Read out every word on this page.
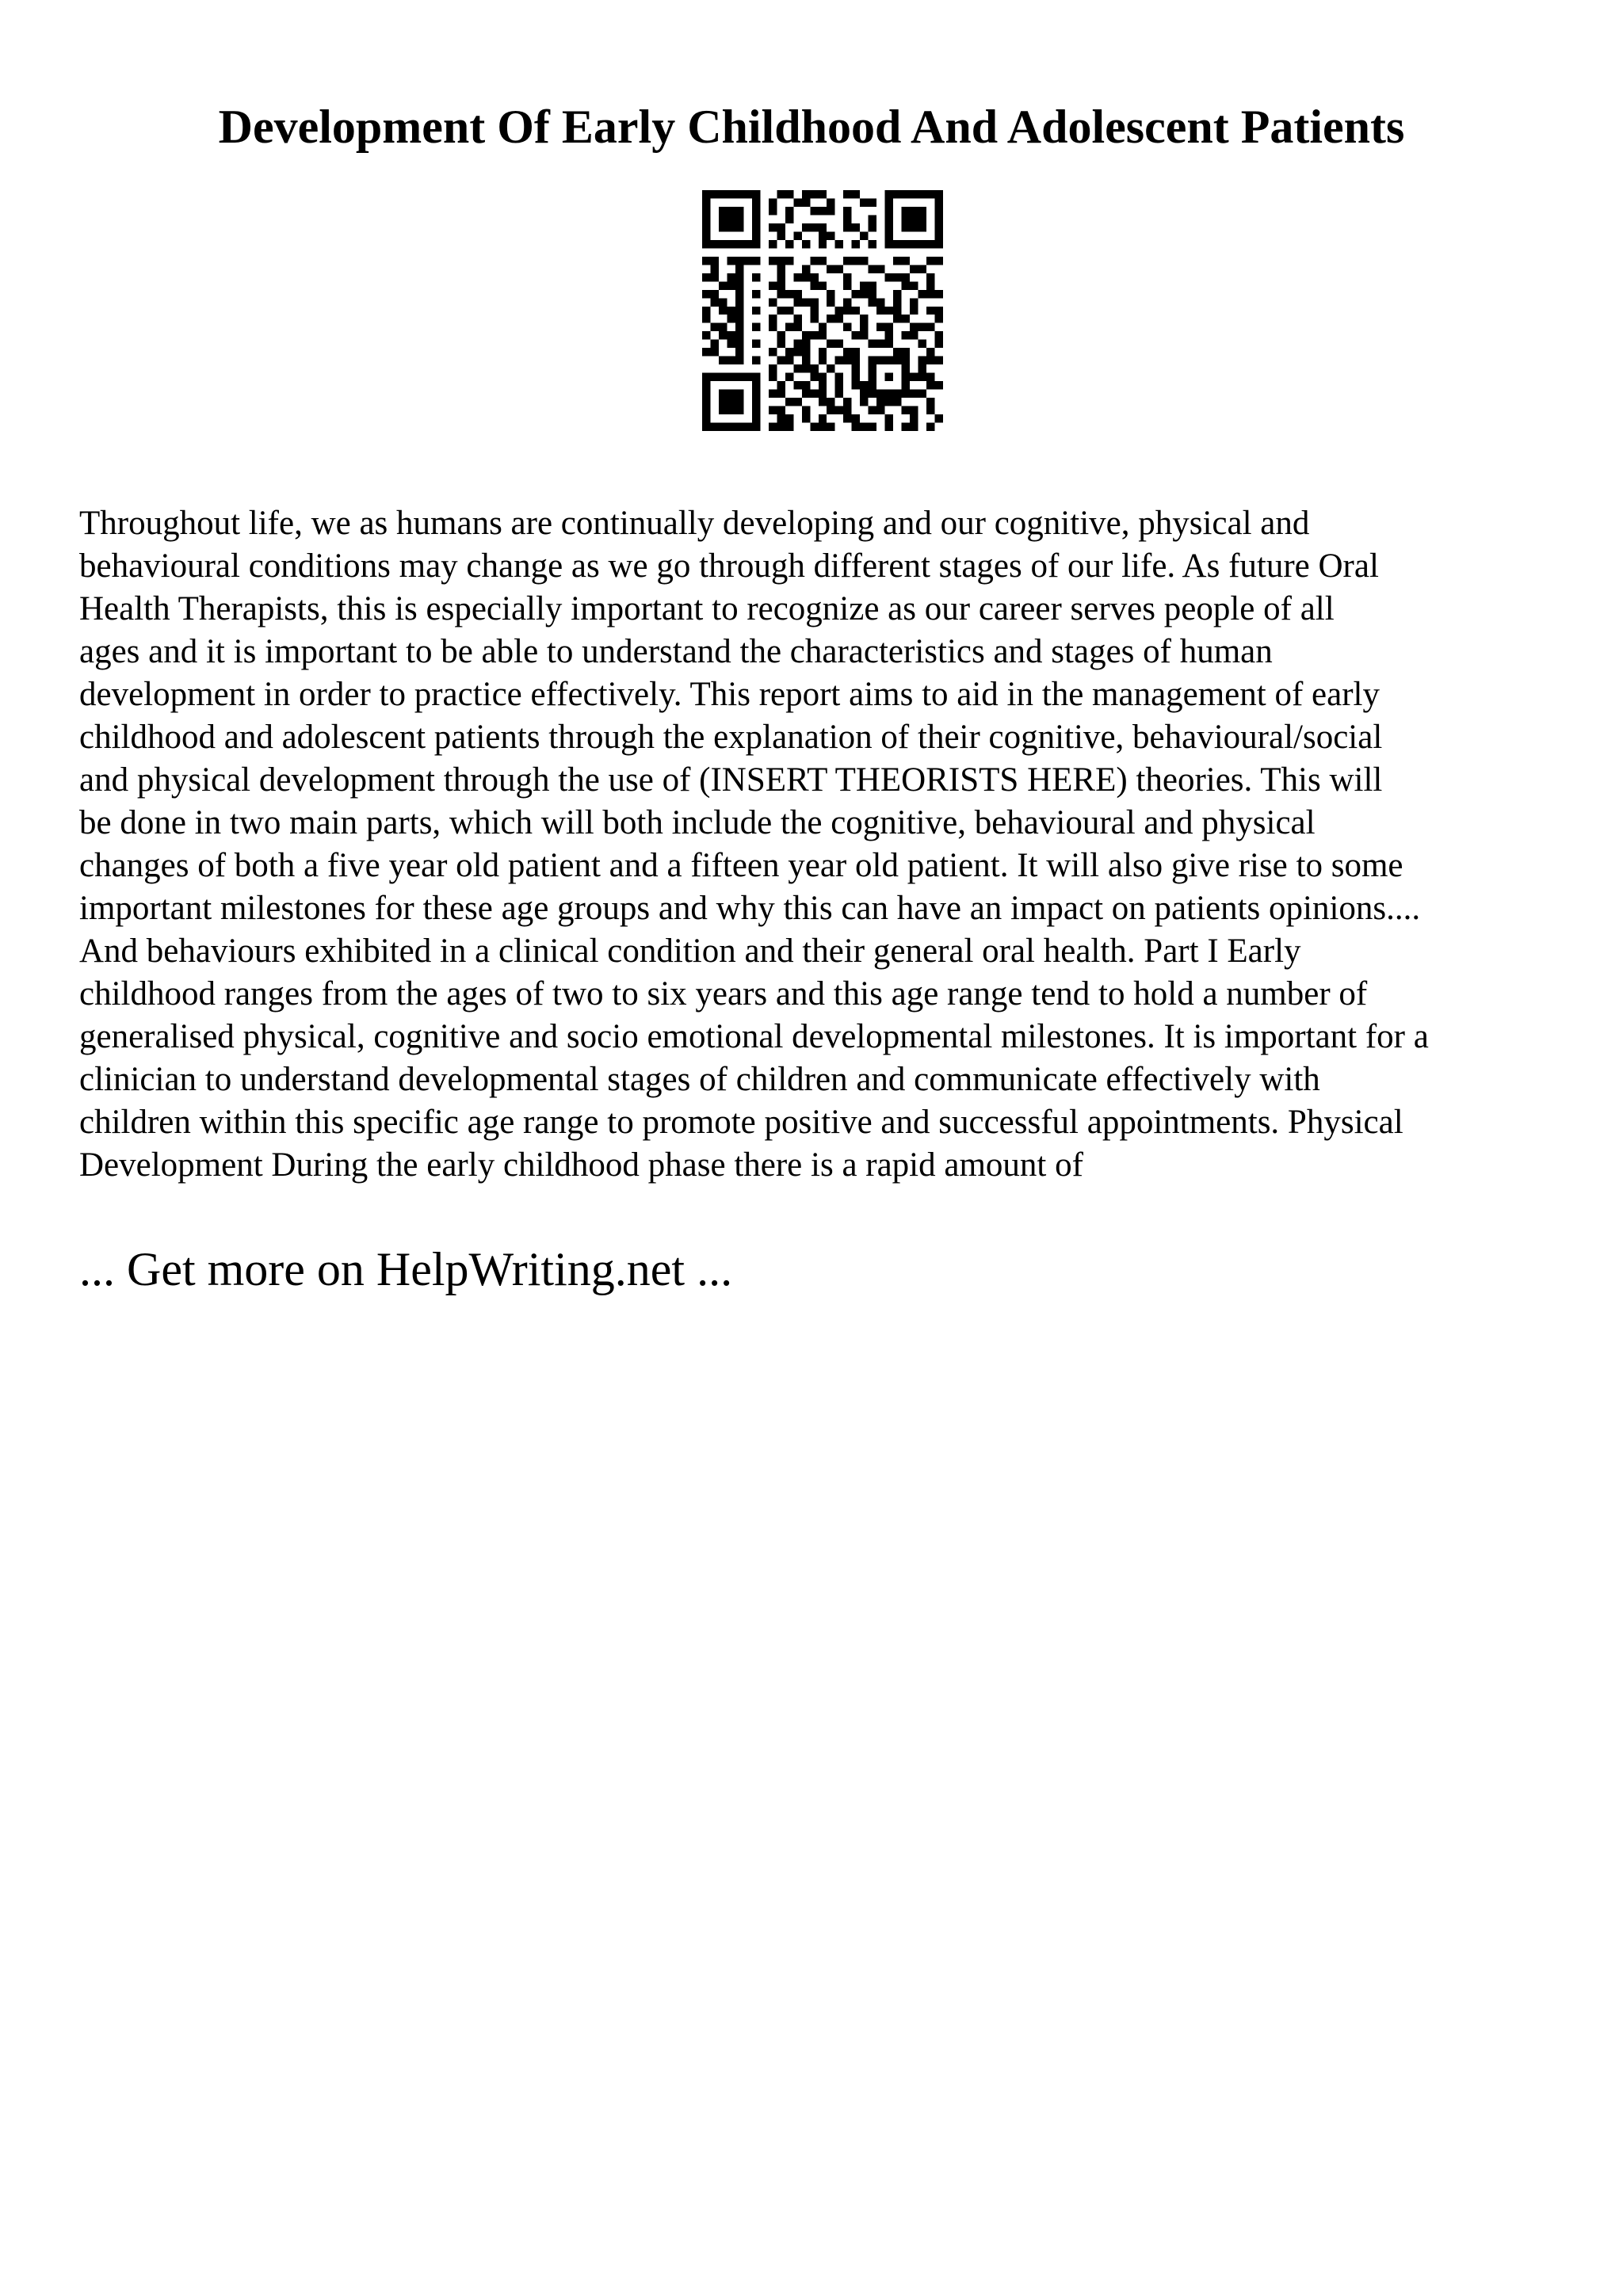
Development Of Early Childhood And Adolescent Patients

Throughout life, we as humans are continually developing and our cognitive, physical and
behavioural conditions may change as we go through different stages of our life. As future Oral
Health Therapists, this is especially important to recognize as our career serves people of all
ages and it is important to be able to understand the characteristics and stages of human
development in order to practice effectively. This report aims to aid in the management of early
childhood and adolescent patients through the explanation of their cognitive, behavioural/social
and physical development through the use of (INSERT THEORISTS HERE) theories. This will
be done in two main parts, which will both include the cognitive, behavioural and physical
changes of both a five year old patient and a fifteen year old patient. It will also give rise to some
important milestones for these age groups and why this can have an impact on patients opinions....
And behaviours exhibited in a clinical condition and their general oral health. Part I Early
childhood ranges from the ages of two to six years and this age range tend to hold a number of
generalised physical, cognitive and socio emotional developmental milestones. It is important for a
clinician to understand developmental stages of children and communicate effectively with
children within this specific age range to promote positive and successful appointments. Physical
Development During the early childhood phase there is a rapid amount of

... Get more on HelpWriting.net ...
